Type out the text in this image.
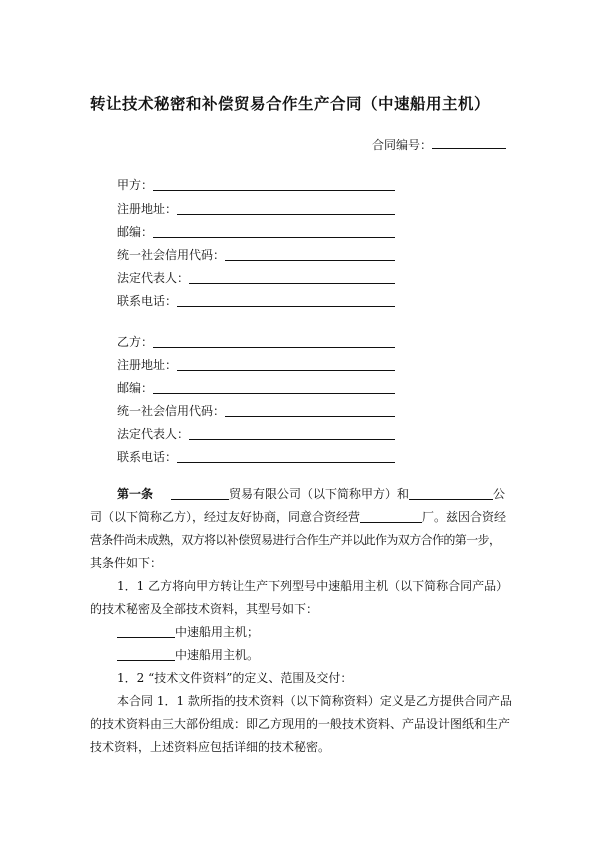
转让技术秘密和补偿贸易合作生产合同（中速船用主机）
合同编号：
甲方：
注册地址：
邮编：
统一社会信用代码：
法定代表人：
联系电话：
乙方：
注册地址：
邮编：
统一社会信用代码：
法定代表人：
联系电话：
第一条	贸易有限公司（以下简称甲方）和	公
司（以下简称乙方），经过友好协商，同意合资经营	厂。兹因合资经
营条件尚未成熟，双方将以补偿贸易进行合作生产并以此作为双方合作的第一步，
其条件如下：
1．1 乙方将向甲方转让生产下列型号中速船用主机（以下简称合同产品）
的技术秘密及全部技术资料，其型号如下：
中速船用主机；
中速船用主机。
1．2 “技术文件资料”的定义、范围及交付：
本合同 1．1 款所指的技术资料（以下简称资料）定义是乙方提供合同产品
的技术资料由三大部份组成：即乙方现用的一般技术资料、产品设计图纸和生产
技术资料，上述资料应包括详细的技术秘密。
